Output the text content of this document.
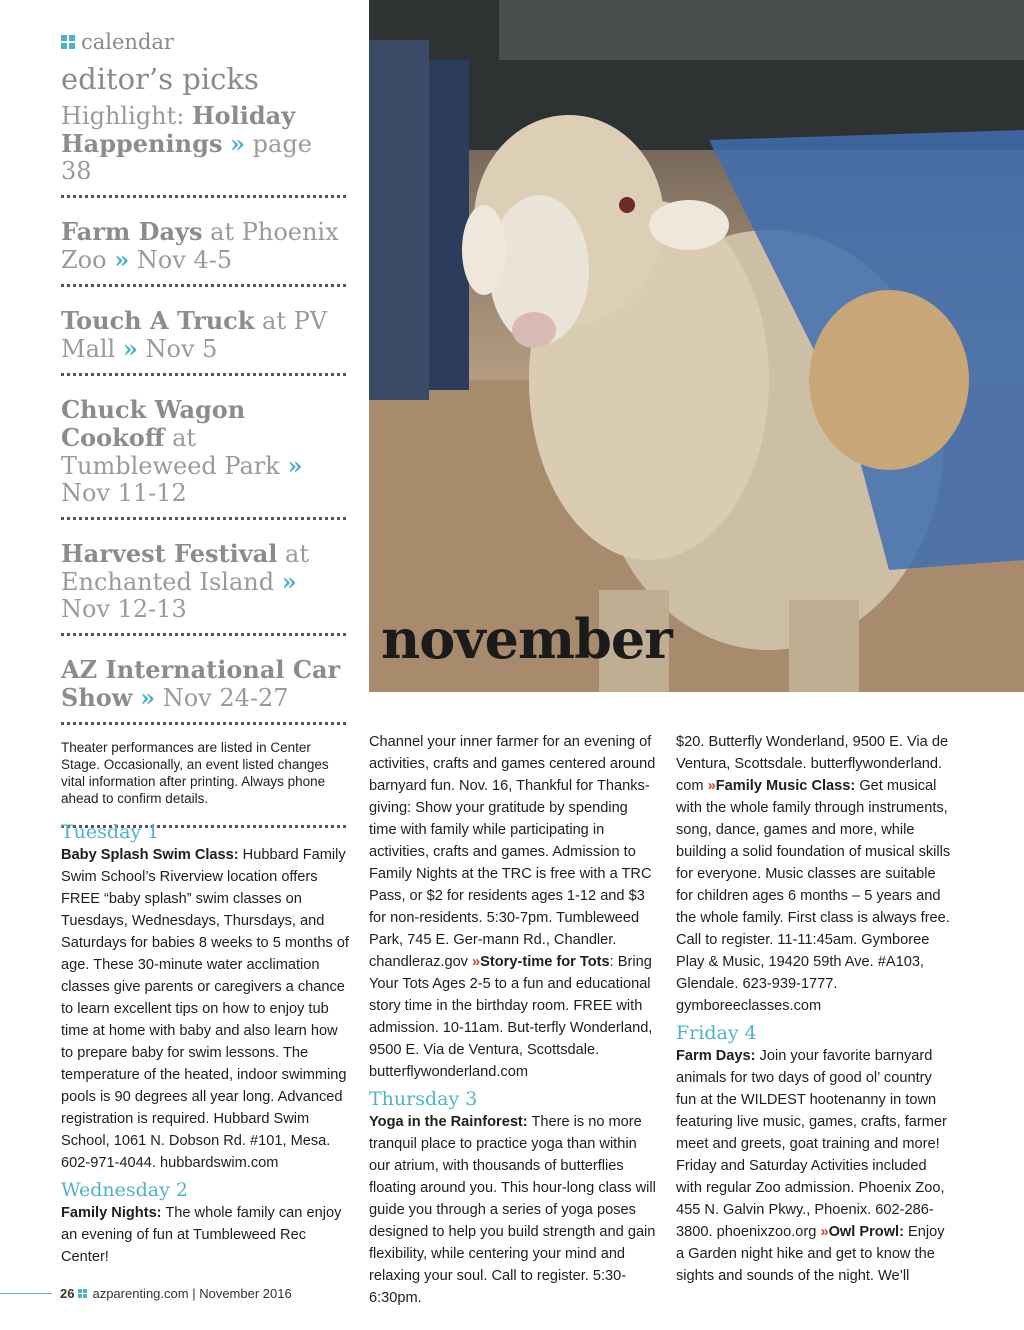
november
calendar
editor’s picks
Highlight: Holiday Happenings » page 38
Farm Days at Phoenix Zoo » Nov 4-5
Touch A Truck at PV Mall » Nov 5
Chuck Wagon Cookoff at Tumbleweed Park » Nov 11-12
Harvest Festival at Enchanted Island » Nov 12-13
AZ International Car Show » Nov 24-27
Theater performances are listed in Center Stage. Occasionally, an event listed changes vital information after printing. Always phone ahead to confirm details.
Tuesday 1

Baby Splash Swim Class: Hubbard Family Swim School’s Riverview location offers FREE “baby splash” swim classes on Tuesdays, Wednesdays, Thursdays, and Saturdays for babies 8 weeks to 5 months of age. These 30-minute water acclimation classes give parents or caregivers a chance to learn excellent tips on how to enjoy tub time at home with baby and also learn how to prepare baby for swim lessons. The temperature of the heated, indoor swimming pools is 90 degrees all year long. Advanced registration is required. Hubbard Swim School, 1061 N. Dobson Rd. #101, Mesa. 602-971-4044. hubbardswim.com

Wednesday 2

Family Nights: The whole family can enjoy an evening of fun at Tumbleweed Rec Center!

Channel your inner farmer for an evening of activities, crafts and games centered around barnyard fun. Nov. 16, Thankful for Thanks-giving: Show your gratitude by spending time with family while participating in activities, crafts and games. Admission to Family Nights at the TRC is free with a TRC Pass, or $2 for residents ages 1-12 and $3 for non-residents. 5:30-7pm. Tumbleweed Park, 745 E. Ger-mann Rd., Chandler. chandleraz.gov »Story-time for Tots: Bring Your Tots Ages 2-5 to a fun and educational story time in the birthday room. FREE with admission. 10-11am. But-terfly Wonderland, 9500 E. Via de Ventura, Scottsdale. butterflywonderland.com

Thursday 3

Yoga in the Rainforest: There is no more tranquil place to practice yoga than within our atrium, with thousands of butterflies floating around you. This hour-long class will guide you through a series of yoga poses designed to help you build strength and gain flexibility, while centering your mind and relaxing your soul. Call to register. 5:30-6:30pm.

$20. Butterfly Wonderland, 9500 E. Via de Ventura, Scottsdale. butterflywonderland. com »Family Music Class: Get musical with the whole family through instruments, song, dance, games and more, while building a solid foundation of musical skills for everyone. Music classes are suitable for children ages 6 months – 5 years and the whole family. First class is always free. Call to register. 11-11:45am. Gymboree Play & Music, 19420 59th Ave. #A103, Glendale. 623-939-1777. gymboreeclasses.com

Friday 4

Farm Days: Join your favorite barnyard animals for two days of good ol’ country fun at the WILDEST hootenanny in town featuring live music, games, crafts, farmer meet and greets, goat training and more! Friday and Saturday Activities included with regular Zoo admission. Phoenix Zoo, 455 N. Galvin Pkwy., Phoenix. 602-286-3800. phoenixzoo.org »Owl Prowl: Enjoy a Garden night hike and get to know the sights and sounds of the night. We’ll

26 azparenting.com | November 2016
